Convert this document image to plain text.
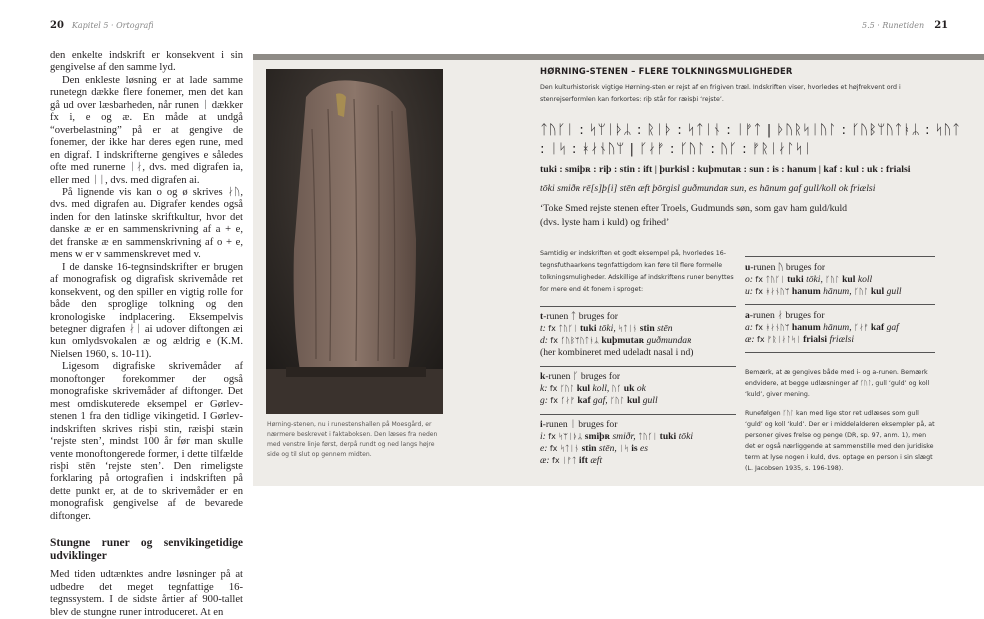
20 Kapitel 5 · Ortografi	5.5 · Runetiden 21

den enkelte indskrift er konsekvent i sin gengivelse af den samme lyd.

Den enkleste løsning er at lade samme runetegn dække flere fonemer, men det kan gå ud over læsbarheden, når runen ᛁ dækker fx i, e og æ. En måde at undgå “overbelastning” på er at gengive de fonemer, der ikke har deres egen rune, med en digraf. I indskrifterne gengives e således ofte med runerne ᛁᛅ, dvs. med digrafen ia, eller med ᛁᛁ, dvs. med digrafen ai.

På lignende vis kan o og ø skrives ᛅᚢ, dvs. med digrafen au. Digrafer kendes også inden for den latinske skriftkultur, hvor det danske æ er en sammenskrivning af a + e, det franske æ en sammenskrivning af o + e, mens w er v sammenskrevet med v.

I de danske 16-tegnsindskrifter er brugen af monografisk og digrafisk skrivemåde ret konsekvent, og den spiller en vigtig rolle for både den sproglige tolkning og den kronologiske indplacering. Eksempelvis betegner digrafen ᛅᛁ ai udover diftongen æi kun omlydsvokalen æ og ældrig e (K.M. Nielsen 1960, s. 10-11).

Ligesom digrafiske skrivemåder af monoftonger forekommer der også monografiske skrivemåder af diftonger. Det mest omdiskuterede eksempel er Gørlev-stenen 1 fra den tidlige vikingetid. I Gørlev-indskriften skrives risþi stin, ræisþi stæin ‘rejste sten’, mindst 100 år før man skulle vente monoftongerede former, i dette tilfælde risþi stēn ‘rejste sten’. Den rimeligste forklaring på ortografien i indskriften på dette punkt er, at de to skrivemåder er en monografisk gengivelse af de bevarede diftonger.

Stungne runer og senvikingetidige udviklinger

Med tiden udtænktes andre løsninger på at udbedre det meget tegnfattige 16-tegnssystem. I de sidste årtier af 900-tallet blev de stungne runer introduceret. At en

Hørning-stenen, nu i runestenshallen på Moesgård, er nærmere beskrevet i faktaboksen. Den læses fra neden med venstre linje først, derpå rundt og ned langs højre side og til slut op gennem midten.
HØRNING-STENEN – FLERE TOLKNINGSMULIGHEDER
Den kulturhistorisk vigtige Hørning-sten er rejst af en frigiven træl. Indskriften viser, hvorledes et højfrekvent ord i stenrejserformlen kan forkortes: riþ står for ræisþi ‘rejste’.
ᛏᚢᚴᛁ : ᛋᛘᛁᚦᛦ : ᚱᛁᚦ : ᛋᛏᛁᚾ : ᛁᚠᛏ | ᚦᚢᚱᛋᛁᚢᛚ : ᚴᚢᛒᛘᚢᛏᚭᛦ : ᛋᚢᛏ
: ᛁᛋ : ᚼᛅᚾᚢᛘ | ᚴᛅᚠ : ᚴᚢᛚ : ᚢᚴ : ᚠᚱᛁᛅᛚᛋᛁ
tuki : smiþʀ : riþ : stin : ift | þurkisl : kuþmutaʀ : sun : is : hanum | kaf : kul : uk : frialsi
tōki smiðʀ rē[s]þ[i] stēn æft þōrgisl guðmundaʀ sun, es hānum gaf gull/koll ok friælsi
‘Toke Smed rejste stenen efter Troels, Gudmunds søn, som gav ham guld/kuld (dvs. lyste ham i kuld) og frihed’
Samtidig er indskriften et godt eksempel på, hvorledes 16-tegnsfuthaarkens tegnfattigdom kan føre til flere formelle tolkningsmuligheder. Adskillige af indskriftens runer benyttes for mere end ét fonem i sproget:
t-runen ᛏ bruges for
t: fx ᛏᚢᚴᛁ tuki tōki, ᛋᛏᛁᚾ stin stēn
d: fx ᚴᚢᛒᛘᚢᛏᚭᛦ kuþmutaʀ guðmundaʀ
(her kombineret med udeladt nasal i nd)
k-runen ᚴ bruges for
k: fx ᚴᚢᛚ kul koll, ᚢᚴ uk ok
g: fx ᚴᛅᚠ kaf gaf, ᚴᚢᛚ kul gull
i-runen ᛁ bruges for
i: fx ᛋᛘᛁᚦᛦ smiþʀ smiðr, ᛏᚢᚴᛁ tuki tōki
e: fx ᛋᛏᛁᚾ stin stēn, ᛁᛋ is es
æ: fx ᛁᚠᛏ ift æft
u-runen ᚢ bruges for
o: fx ᛏᚢᚴᛁ tuki tōki, ᚴᚢᛚ kul koll
u: fx ᚼᛅᚾᚢᛘ hanum hānum, ᚴᚢᛚ kul gull
a-runen ᛅ bruges for
a: fx ᚼᛅᚾᚢᛘ hanum hānum, ᚴᛅᚠ kaf gaf
æ: fx ᚠᚱᛁᛅᛚᛋᛁ frialsi friælsi

Bemærk, at æ gengives både med i- og a-runen. Bemærk endvidere, at begge udlæsninger af ᚴᚢᛚ, gull ‘guld’ og koll ‘kuld’, giver mening.

Runefølgen ᚴᚢᛚ kan med lige stor ret udlæses som gull ‘guld’ og koll ‘kuld’. Der er i middelalderen eksempler på, at personer gives frelse og penge (DR, sp. 97, anm. 1), men det er også nærliggende at sammenstille med den juridiske term at lyse nogen i kuld, dvs. optage en person i sin slægt (L. Jacobsen 1935, s. 196-198).
